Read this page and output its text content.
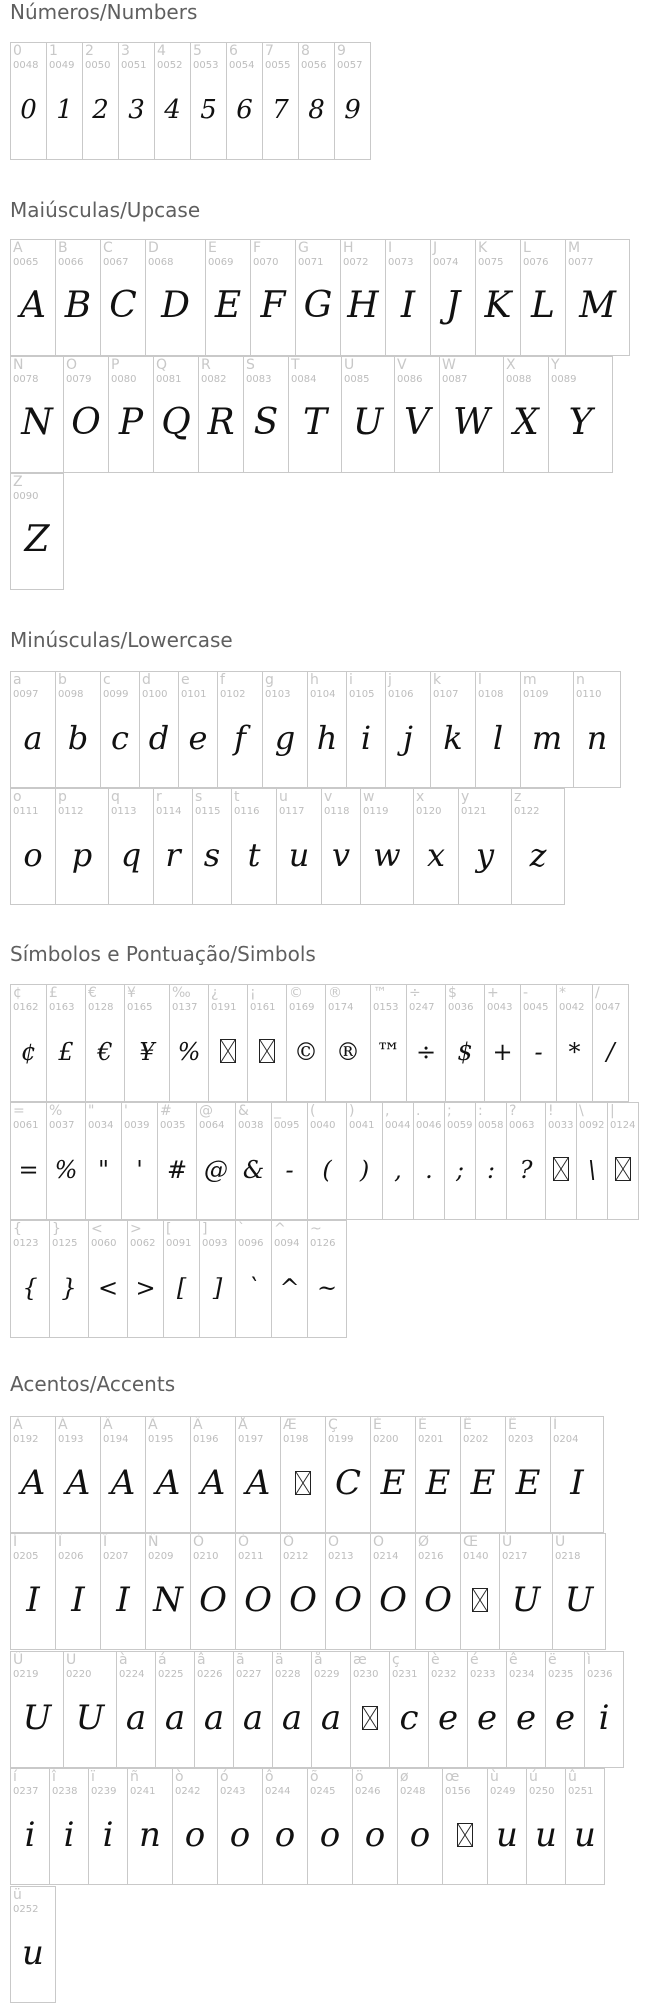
Números/Numbers
0
0048
0
1
0049
1
2
0050
2
3
0051
3
4
0052
4
5
0053
5
6
0054
6
7
0055
7
8
0056
8
9
0057
9
Maiúsculas/Upcase
A
0065
A
B
0066
B
C
0067
C
D
0068
D
E
0069
E
F
0070
F
G
0071
G
H
0072
H
I
0073
I
J
0074
J
K
0075
K
L
0076
L
M
0077
M
N
0078
N
O
0079
O
P
0080
P
Q
0081
Q
R
0082
R
S
0083
S
T
0084
T
U
0085
U
V
0086
V
W
0087
W
X
0088
X
Y
0089
Y
Z
0090
Z
Minúsculas/Lowercase
a
0097
a
b
0098
b
c
0099
c
d
0100
d
e
0101
e
f
0102
f
g
0103
g
h
0104
h
i
0105
i
j
0106
j
k
0107
k
l
0108
l
m
0109
m
n
0110
n
o
0111
o
p
0112
p
q
0113
q
r
0114
r
s
0115
s
t
0116
t
u
0117
u
v
0118
v
w
0119
w
x
0120
x
y
0121
y
z
0122
z
Símbolos e Pontuação/Simbols
¢
0162
¢
£
0163
£
€
0128
€
¥
0165
¥
‰
0137
%
¿
0191
¡
0161
©
0169
©
®
0174
®
™
0153
™
÷
0247
÷
$
0036
$
+
0043
+
-
0045
-
*
0042
*
/
0047
/
=
0061
=
%
0037
%
"
0034
"
'
0039
'
#
0035
#
@
0064
@
&
0038
&
_
0095
-
(
0040
(
)
0041
)
,
0044
,
.
0046
.
;
0059
;
:
0058
:
?
0063
?
!
0033
\
0092
\
|
0124
{
0123
{
}
0125
}
<
0060
<
>
0062
>
[
0091
[
]
0093
]
`
0096
`
^
0094
^
~
0126
~
Acentos/Accents
À
0192
A
Á
0193
A
Â
0194
A
Ã
0195
A
Ä
0196
A
Å
0197
A
Æ
0198
Ç
0199
C
È
0200
E
É
0201
E
Ê
0202
E
Ë
0203
E
Ì
0204
I
Í
0205
I
Î
0206
I
Ï
0207
I
Ñ
0209
N
Ò
0210
O
Ó
0211
O
Ô
0212
O
Õ
0213
O
Ö
0214
O
Ø
0216
O
Œ
0140
Ù
0217
U
Ú
0218
U
Û
0219
U
Ü
0220
U
à
0224
a
á
0225
a
â
0226
a
ã
0227
a
ä
0228
a
å
0229
a
æ
0230
ç
0231
c
è
0232
e
é
0233
e
ê
0234
e
ë
0235
e
ì
0236
i
í
0237
i
î
0238
i
ï
0239
i
ñ
0241
n
ò
0242
o
ó
0243
o
ô
0244
o
õ
0245
o
ö
0246
o
ø
0248
o
œ
0156
ù
0249
u
ú
0250
u
û
0251
u
ü
0252
u
